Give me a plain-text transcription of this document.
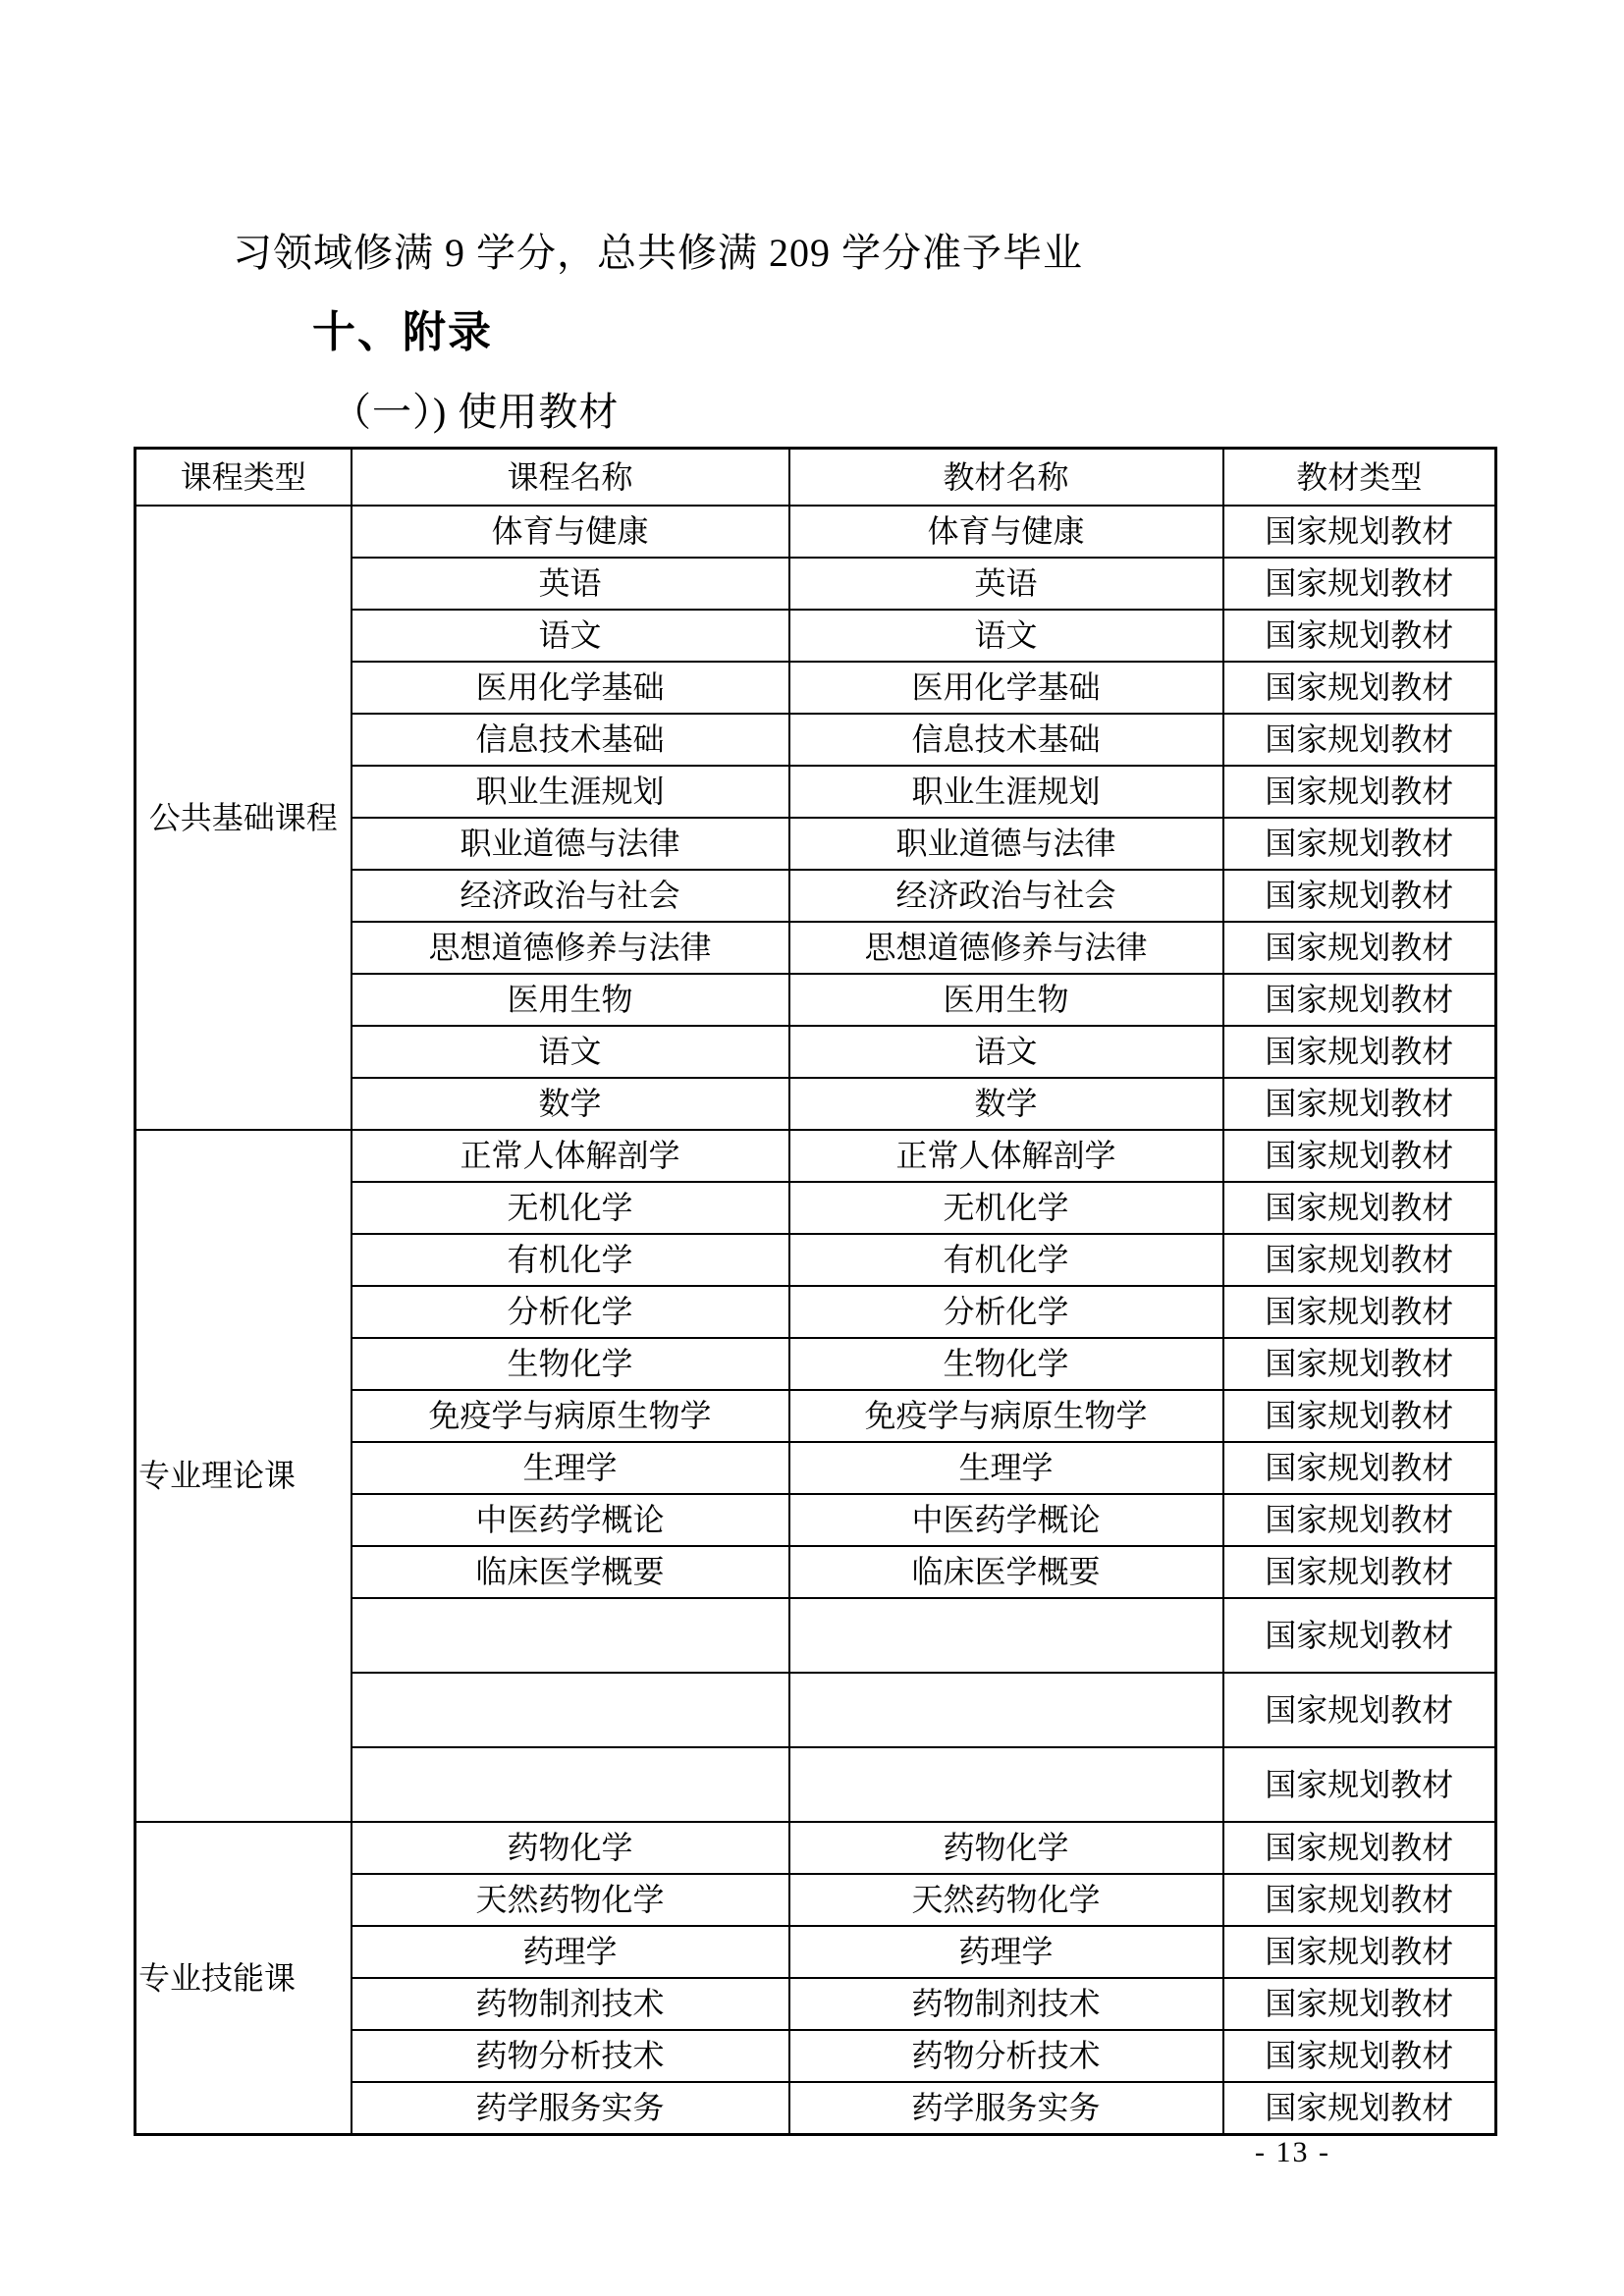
习领域修满 9 学分，总共修满 209 学分准予毕业
十、附录
（一）) 使用教材
课程类型	课程名称	教材名称	教材类型
公共基础课程	体育与健康	体育与健康	国家规划教材
	英语	英语	国家规划教材
	语文	语文	国家规划教材
	医用化学基础	医用化学基础	国家规划教材
	信息技术基础	信息技术基础	国家规划教材
	职业生涯规划	职业生涯规划	国家规划教材
	职业道德与法律	职业道德与法律	国家规划教材
	经济政治与社会	经济政治与社会	国家规划教材
	思想道德修养与法律	思想道德修养与法律	国家规划教材
	医用生物	医用生物	国家规划教材
	语文	语文	国家规划教材
	数学	数学	国家规划教材
专业理论课	正常人体解剖学	正常人体解剖学	国家规划教材
	无机化学	无机化学	国家规划教材
	有机化学	有机化学	国家规划教材
	分析化学	分析化学	国家规划教材
	生物化学	生物化学	国家规划教材
	免疫学与病原生物学	免疫学与病原生物学	国家规划教材
	生理学	生理学	国家规划教材
	中医药学概论	中医药学概论	国家规划教材
	临床医学概要	临床医学概要	国家规划教材
			国家规划教材
			国家规划教材
			国家规划教材
专业技能课	药物化学	药物化学	国家规划教材
	天然药物化学	天然药物化学	国家规划教材
	药理学	药理学	国家规划教材
	药物制剂技术	药物制剂技术	国家规划教材
	药物分析技术	药物分析技术	国家规划教材
	药学服务实务	药学服务实务	国家规划教材
- 13 -
